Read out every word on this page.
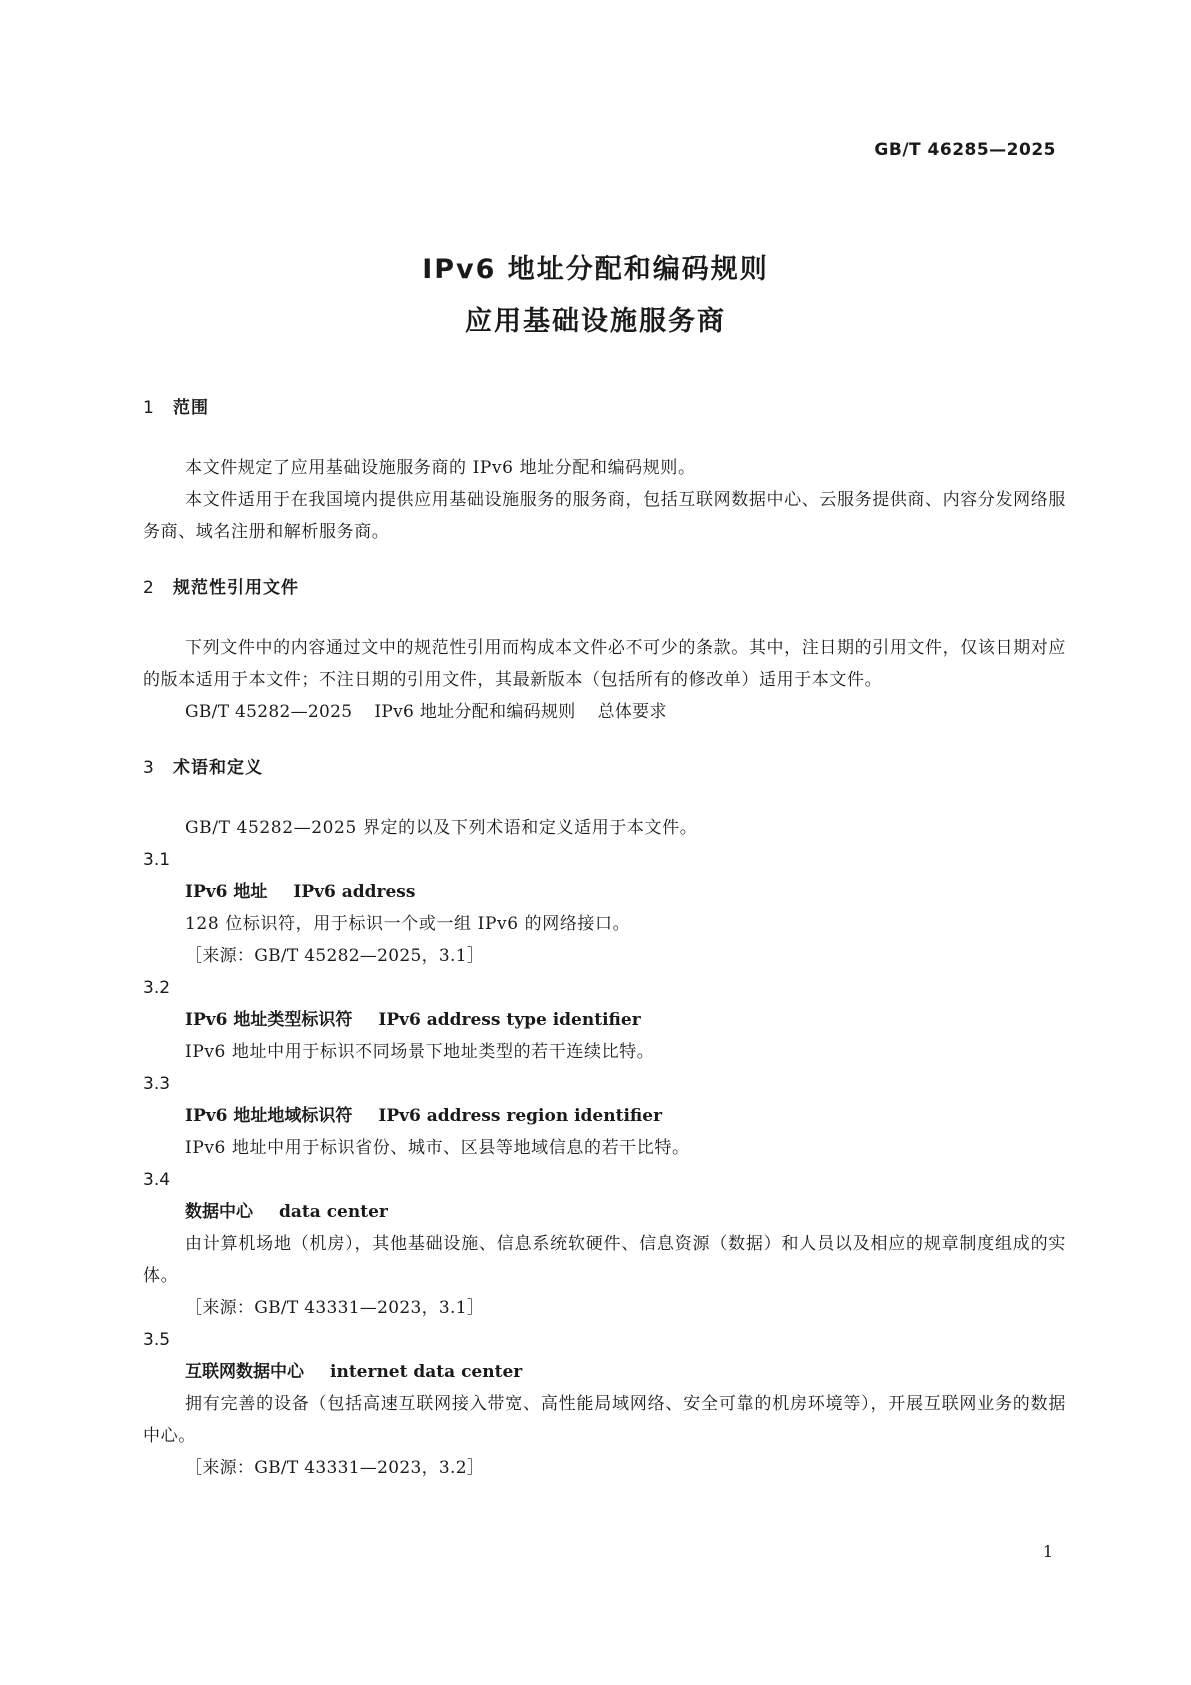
GB/T 46285—2025
IPv6 地址分配和编码规则
应用基础设施服务商

1 范围

本文件规定了应用基础设施服务商的 IPv6 地址分配和编码规则。

本文件适用于在我国境内提供应用基础设施服务的服务商，包括互联网数据中心、云服务提供商、内容分发网络服务商、域名注册和解析服务商。

2 规范性引用文件

下列文件中的内容通过文中的规范性引用而构成本文件必不可少的条款。其中，注日期的引用文件，仅该日期对应的版本适用于本文件；不注日期的引用文件，其最新版本（包括所有的修改单）适用于本文件。

GB/T 45282—2025 IPv6 地址分配和编码规则 总体要求

3 术语和定义

GB/T 45282—2025 界定的以及下列术语和定义适用于本文件。

3.1

IPv6 地址 IPv6 address

128 位标识符，用于标识一个或一组 IPv6 的网络接口。

［来源：GB/T 45282—2025，3.1］

3.2

IPv6 地址类型标识符 IPv6 address type identifier

IPv6 地址中用于标识不同场景下地址类型的若干连续比特。

3.3

IPv6 地址地域标识符 IPv6 address region identifier

IPv6 地址中用于标识省份、城市、区县等地域信息的若干比特。

3.4

数据中心 data center

由计算机场地（机房），其他基础设施、信息系统软硬件、信息资源（数据）和人员以及相应的规章制度组成的实体。

［来源：GB/T 43331—2023，3.1］

3.5

互联网数据中心 internet data center

拥有完善的设备（包括高速互联网接入带宽、高性能局域网络、安全可靠的机房环境等），开展互联网业务的数据中心。

［来源：GB/T 43331—2023，3.2］

1
